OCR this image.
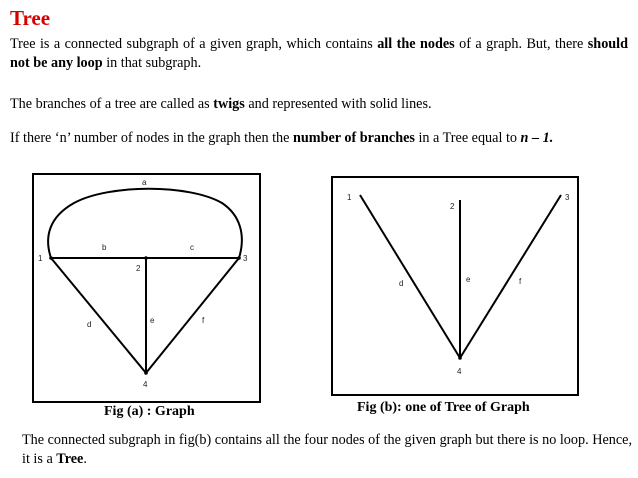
Tree

Tree is a connected subgraph of a given graph, which contains all the nodes of a graph. But, there should not be any loop in that subgraph.

The branches of a tree are called as twigs and represented with solid lines.

If there ‘n’ number of nodes in the graph then the number of branches in a Tree equal to n – 1.

1
2
3
4
a
b	c
d	e	f
1
2
3
4
d	e	f

Fig (a) : Graph	Fig (b): one of Tree of Graph

The connected subgraph in fig(b) contains all the four nodes of the given graph but there is no loop. Hence, it is a Tree.
